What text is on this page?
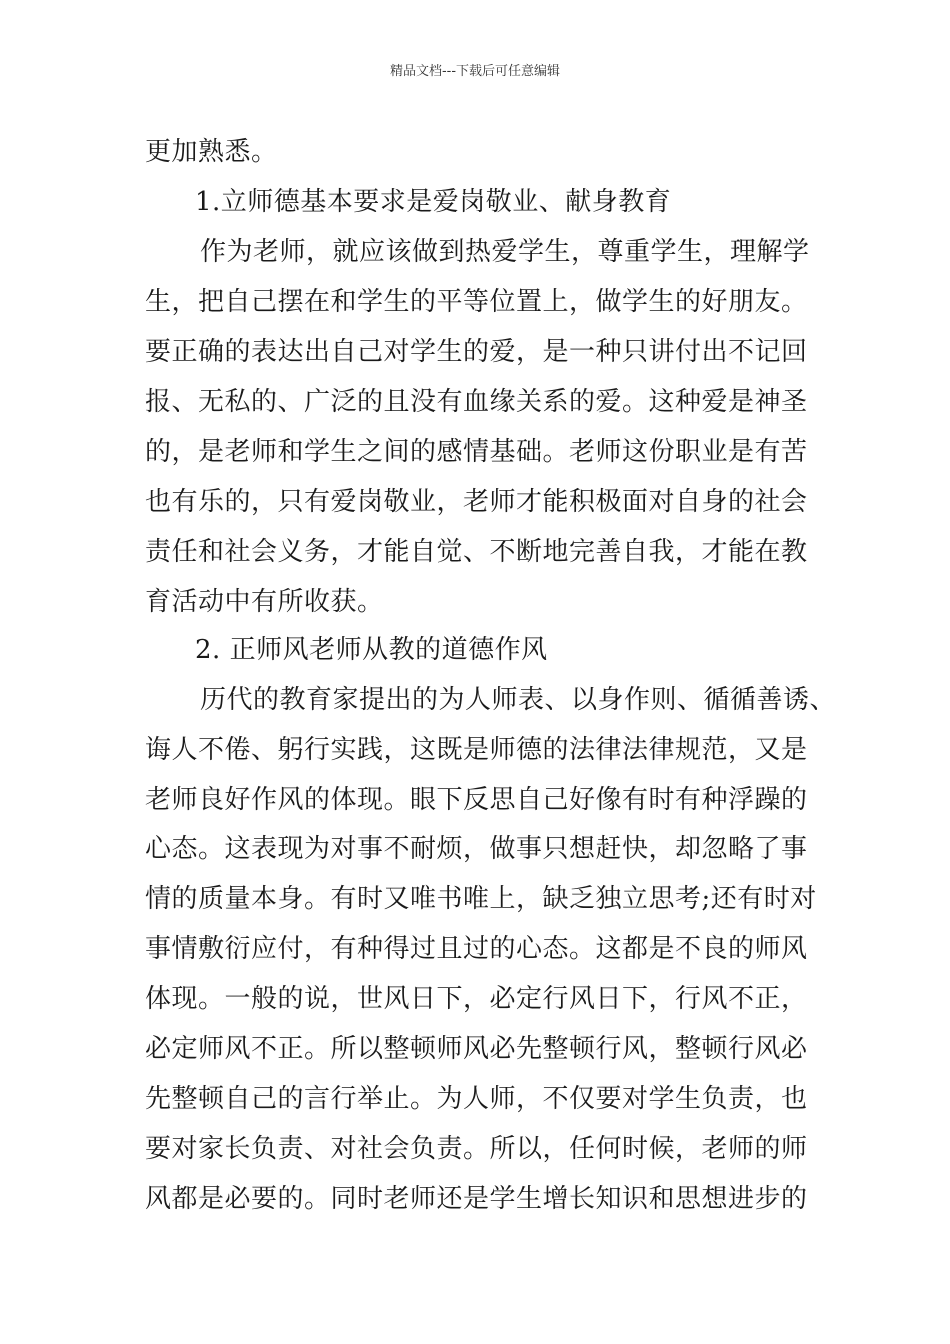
精品文档---下载后可任意编辑
更加熟悉。
1.立师德基本要求是爱岗敬业、献身教育
作为老师，就应该做到热爱学生，尊重学生，理解学
生，把自己摆在和学生的平等位置上，做学生的好朋友。
要正确的表达出自己对学生的爱，是一种只讲付出不记回
报、无私的、广泛的且没有血缘关系的爱。这种爱是神圣
的，是老师和学生之间的感情基础。老师这份职业是有苦
也有乐的，只有爱岗敬业，老师才能积极面对自身的社会
责任和社会义务，才能自觉、不断地完善自我，才能在教
育活动中有所收获。
2. 正师风老师从教的道德作风
历代的教育家提出的为人师表、以身作则、循循善诱、
诲人不倦、躬行实践，这既是师德的法律法律规范，又是
老师良好作风的体现。眼下反思自己好像有时有种浮躁的
心态。这表现为对事不耐烦，做事只想赶快，却忽略了事
情的质量本身。有时又唯书唯上，缺乏独立思考;还有时对
事情敷衍应付，有种得过且过的心态。这都是不良的师风
体现。一般的说，世风日下，必定行风日下，行风不正，
必定师风不正。所以整顿师风必先整顿行风，整顿行风必
先整顿自己的言行举止。为人师，不仅要对学生负责，也
要对家长负责、对社会负责。所以，任何时候，老师的师
风都是必要的。同时老师还是学生增长知识和思想进步的
